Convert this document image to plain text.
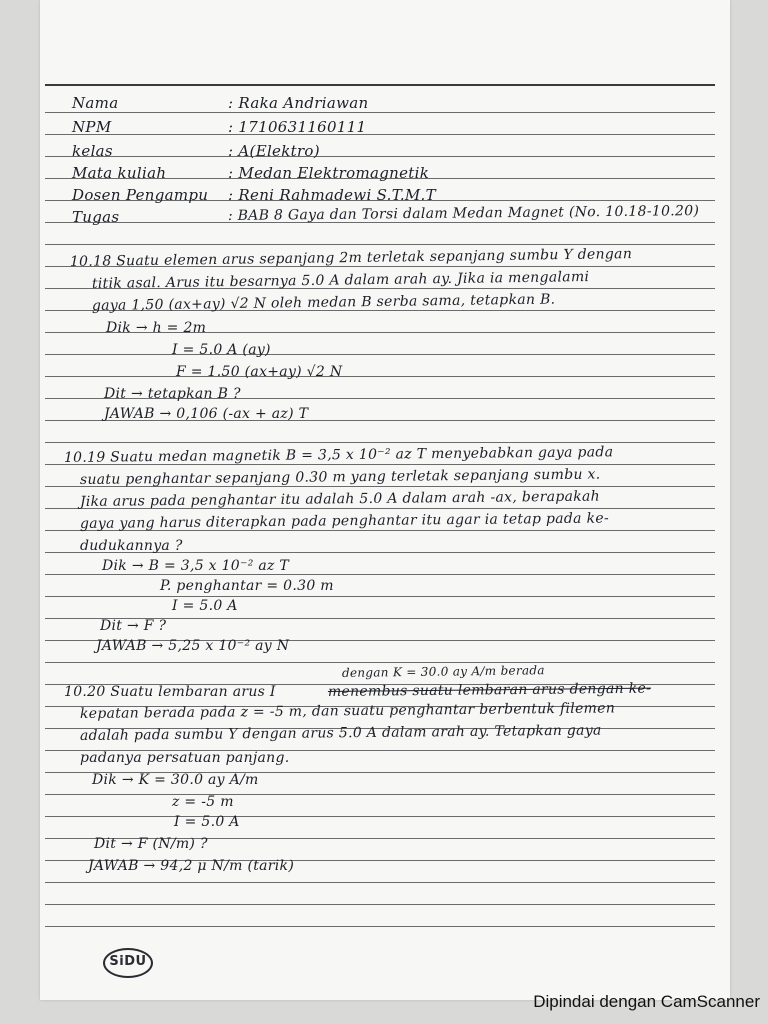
Nama	: Raka Andriawan
NPM	: 1710631160111
kelas	: A(Elektro)
Mata kuliah	: Medan Elektromagnetik
Dosen Pengampu : Reni Rahmadewi S.T.M.T
Tugas	: BAB 8 Gaya dan Torsi dalam Medan Magnet (No. 10.18-10.20)
10.18 Suatu elemen arus sepanjang 2m terletak sepanjang sumbu Y dengan
titik asal. Arus itu besarnya 5.0 A dalam arah ay. Jika ia mengalami
gaya 1,50 (ax+ay) √2 N oleh medan B serba sama, tetapkan B.
Dik → h = 2m
I = 5.0 A (ay)
F = 1.50 (ax+ay) √2 N
Dit → tetapkan B ?
JAWAB → 0,106 (-ax + az) T
10.19 Suatu medan magnetik B = 3,5 x 10⁻² az T menyebabkan gaya pada
suatu penghantar sepanjang 0.30 m yang terletak sepanjang sumbu x.
Jika arus pada penghantar itu adalah 5.0 A dalam arah -ax, berapakah
gaya yang harus diterapkan pada penghantar itu agar ia tetap pada ke-
dudukannya ?
Dik → B = 3,5 x 10⁻² az T
P. penghantar = 0.30 m
I = 5.0 A
Dit → F ?
JAWAB → 5,25 x 10⁻² ay N
dengan K = 30.0 ay A/m berada
10.20 Suatu lembaran arus I	menembus suatu lembaran arus dengan ke-
kepatan berada pada z = -5 m, dan suatu penghantar berbentuk filemen
adalah pada sumbu Y dengan arus 5.0 A dalam arah ay. Tetapkan gaya
padanya persatuan panjang.
Dik → K = 30.0 ay A/m
z = -5 m
I = 5.0 A
Dit → F (N/m) ?
JAWAB → 94,2 μ N/m (tarik)
SiDU
Dipindai dengan CamScanner
